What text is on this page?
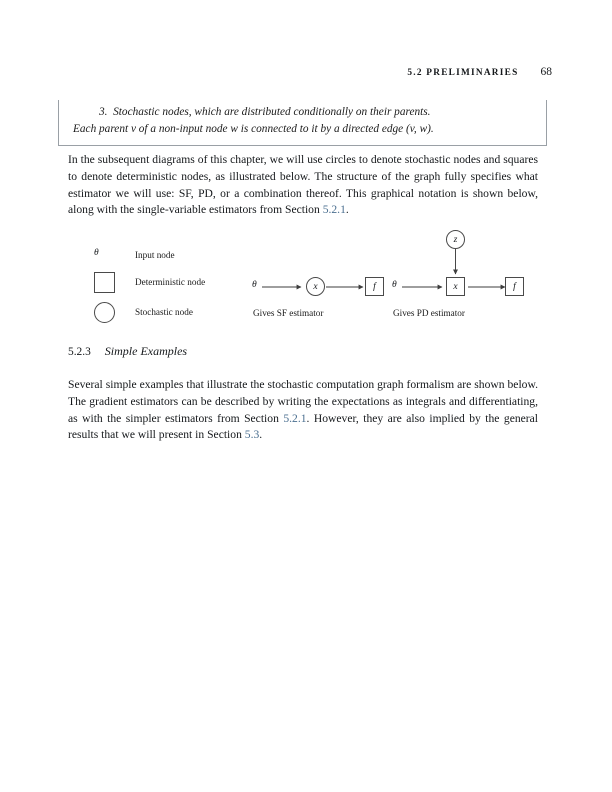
5.2 PRELIMINARIES 68

3. Stochastic nodes, which are distributed conditionally on their parents.

Each parent v of a non-input node w is connected to it by a directed edge (v, w).

In the subsequent diagrams of this chapter, we will use circles to denote stochastic nodes and squares to denote deterministic nodes, as illustrated below. The structure of the graph fully specifies what estimator we will use: SF, PD, or a combination thereof. This graphical notation is shown below, along with the single-variable estimators from Section 5.2.1.

θ	Input node
Deterministic node
Stochastic node
θ	x	f
Gives SF estimator
θ
z
x	f
Gives PD estimator
5.2.3 Simple Examples

Several simple examples that illustrate the stochastic computation graph formalism are shown below. The gradient estimators can be described by writing the expectations as integrals and differentiating, as with the simpler estimators from Section 5.2.1. However, they are also implied by the general results that we will present in Section 5.3.
